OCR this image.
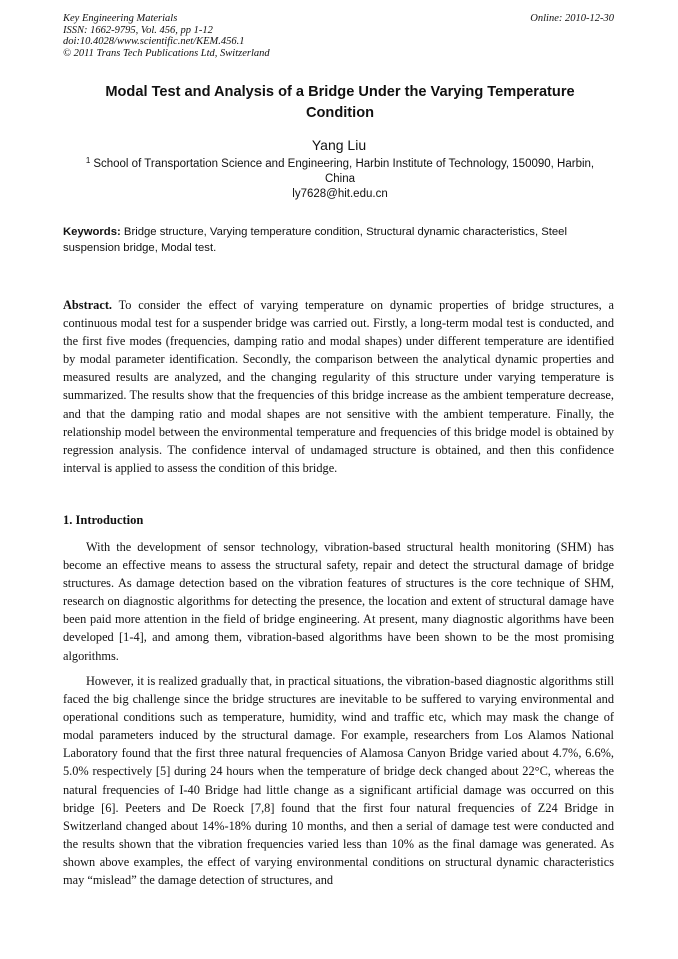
Key Engineering Materials
ISSN: 1662-9795, Vol. 456, pp 1-12
doi:10.4028/www.scientific.net/KEM.456.1
© 2011 Trans Tech Publications Ltd, Switzerland
Online: 2010-12-30
Modal Test and Analysis of a Bridge Under the Varying Temperature Condition
Yang Liu
$^1$ School of Transportation Science and Engineering, Harbin Institute of Technology, 150090, Harbin, China
ly7628@hit.edu.cn
Keywords: Bridge structure, Varying temperature condition, Structural dynamic characteristics, Steel suspension bridge, Modal test.
Abstract. To consider the effect of varying temperature on dynamic properties of bridge structures, a continuous modal test for a suspender bridge was carried out. Firstly, a long-term modal test is conducted, and the first five modes (frequencies, damping ratio and modal shapes) under different temperature are identified by modal parameter identification. Secondly, the comparison between the analytical dynamic properties and measured results are analyzed, and the changing regularity of this structure under varying temperature is summarized. The results show that the frequencies of this bridge increase as the ambient temperature decrease, and that the damping ratio and modal shapes are not sensitive with the ambient temperature. Finally, the relationship model between the environmental temperature and frequencies of this bridge model is obtained by regression analysis. The confidence interval of undamaged structure is obtained, and then this confidence interval is applied to assess the condition of this bridge.
1. Introduction
With the development of sensor technology, vibration-based structural health monitoring (SHM) has become an effective means to assess the structural safety, repair and detect the structural damage of bridge structures. As damage detection based on the vibration features of structures is the core technique of SHM, research on diagnostic algorithms for detecting the presence, the location and extent of structural damage have been paid more attention in the field of bridge engineering. At present, many diagnostic algorithms have been developed [1-4], and among them, vibration-based algorithms have been shown to be the most promising algorithms.
However, it is realized gradually that, in practical situations, the vibration-based diagnostic algorithms still faced the big challenge since the bridge structures are inevitable to be suffered to varying environmental and operational conditions such as temperature, humidity, wind and traffic etc, which may mask the change of modal parameters induced by the structural damage. For example, researchers from Los Alamos National Laboratory found that the first three natural frequencies of Alamosa Canyon Bridge varied about 4.7%, 6.6%, 5.0% respectively [5] during 24 hours when the temperature of bridge deck changed about 22°C, whereas the natural frequencies of I-40 Bridge had little change as a significant artificial damage was occurred on this bridge [6]. Peeters and De Roeck [7,8] found that the first four natural frequencies of Z24 Bridge in Switzerland changed about 14%-18% during 10 months, and then a serial of damage test were conducted and the results shown that the vibration frequencies varied less than 10% as the final damage was generated. As shown above examples, the effect of varying environmental conditions on structural dynamic characteristics may “mislead” the damage detection of structures, and
